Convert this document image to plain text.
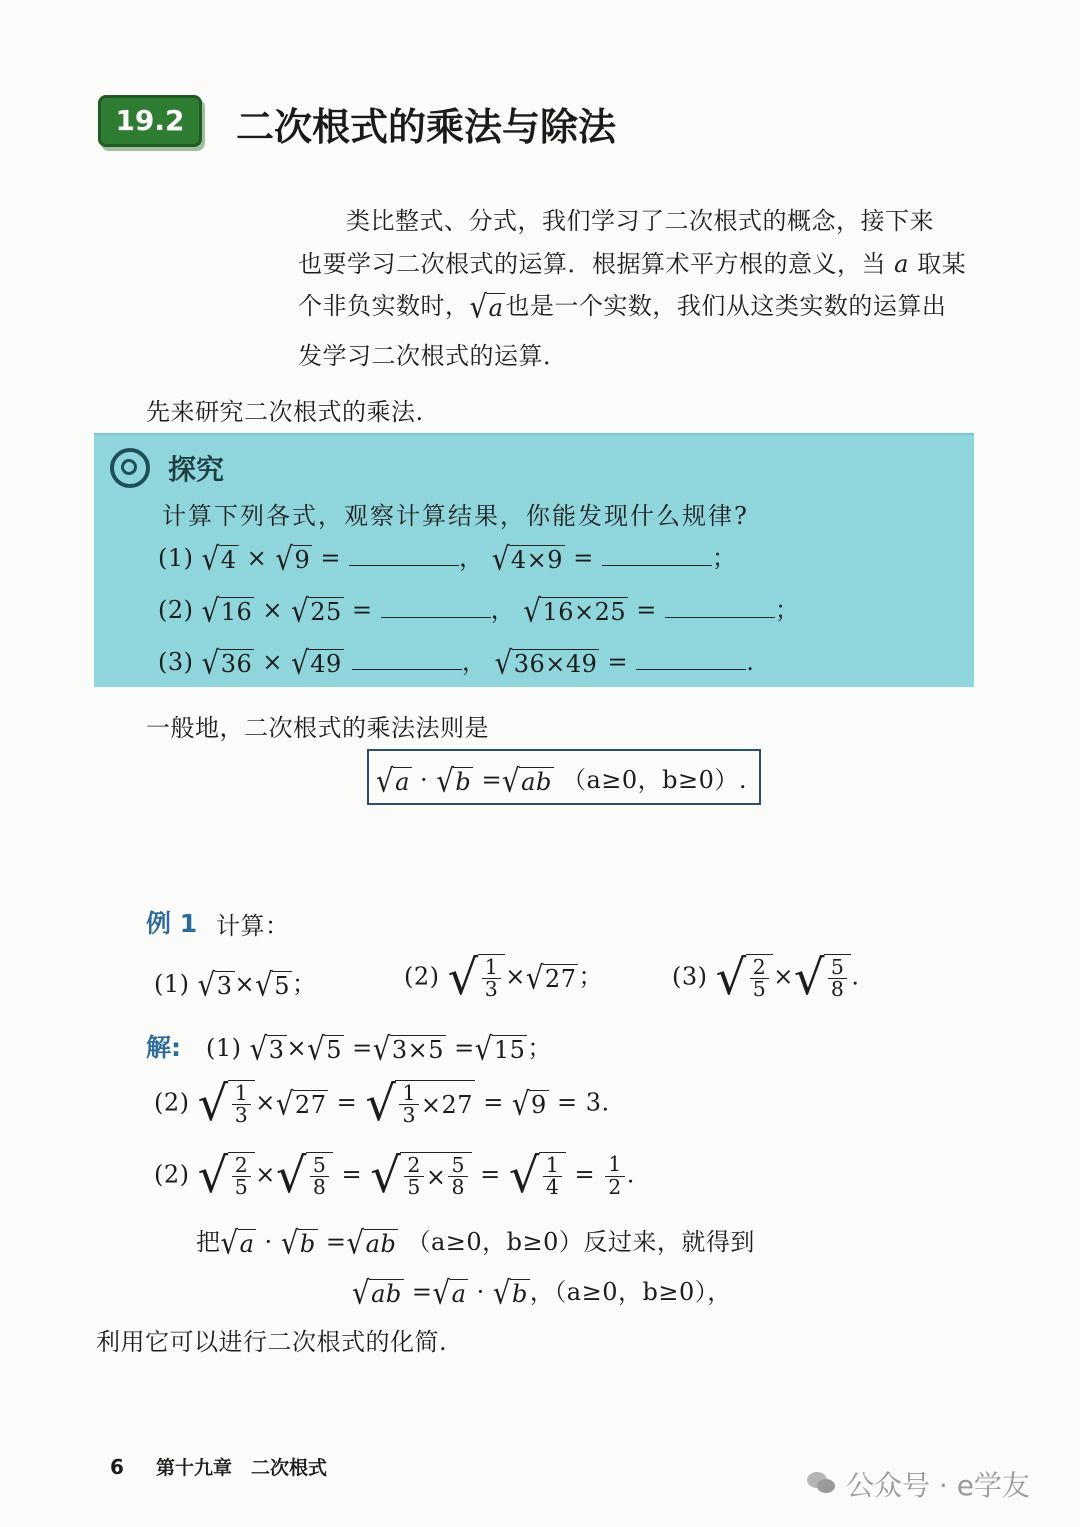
19.2	二次根式的乘法与除法
类比整式、分式，我们学习了二次根式的概念，接下来
也要学习二次根式的运算．根据算术平方根的意义，当 a 取某
个非负实数时， √ a 也是一个实数，我们从这类实数的运算出
发学习二次根式的运算．
先来研究二次根式的乘法.
探究
计算下列各式，观察计算结果，你能发现什么规律?
(1) √ 4 × √ 9 =	， √ 4×9 =	；
(2) √ 16 × √ 25 =	， √ 16×25 =	；
(3) √ 36 × √ 49	， √ 36×49 =	.
一般地，二次根式的乘法法则是
√ a · √ b = √ ab （a≥0，b≥0）.
例 1 计算：
(1) √ 3 × √ 5 ；	(2) √ $\frac{1}{3}$ × √ 27 ；	(3) √ $\frac{2}{5}$ × √ $\frac{5}{8}$ .
解: (1) √ 3 × √ 5 = √ 3×5 = √ 15 ；
(2) √ $\frac{1}{3}$ × √ 27 = √ $\frac{1}{3} \times 27$ = √ 9 = 3.
(2) √ $\frac{2}{5}$ × √ $\frac{5}{8}$ = √ $\frac{2}{5} \times \frac{5}{8}$ = √ $\frac{1}{4} = \frac{1}{2}$ .
把 √ a · √ b = √ ab （a≥0，b≥0）反过来，就得到
√ ab = √ a · √ b ，（a≥0，b≥0），
利用它可以进行二次根式的化简.
6 第十九章　二次根式
公众号 · e学友
